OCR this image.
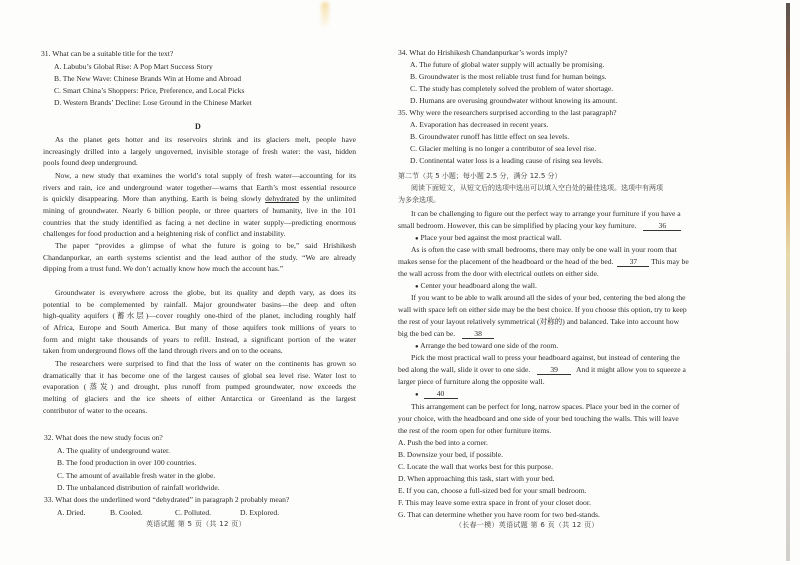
31. What can be a suitable title for the text?
A. Labubu’s Global Rise: A Pop Mart Success Story
B. The New Wave: Chinese Brands Win at Home and Abroad
C. Smart China’s Shoppers: Price, Preference, and Local Picks
D. Western Brands’ Decline: Lose Ground in the Chinese Market
D
As the planet gets hotter and its reservoirs shrink and its glaciers melt, people have
increasingly drilled into a largely ungoverned, invisible storage of fresh water: the vast, hidden
pools found deep underground.
Now, a new study that examines the world’s total supply of fresh water—accounting for its
rivers and rain, ice and underground water together—warns that Earth’s most essential resource
is quickly disappearing. More than anything, Earth is being slowly dehydrated by the unlimited
mining of groundwater. Nearly 6 billion people, or three quarters of humanity, live in the 101
countries that the study identified as facing a net decline in water supply—predicting enormous
challenges for food production and a heightening risk of conflict and instability.
The paper “provides a glimpse of what the future is going to be,” said Hrishikesh
Chandanpurkar, an earth systems scientist and the lead author of the study. “We are already
dipping from a trust fund. We don’t actually know how much the account has.”
Groundwater is everywhere across the globe, but its quality and depth vary, as does its
potential to be complemented by rainfall. Major groundwater basins—the deep and often
high-quality aquifers (蓄水层)—cover roughly one-third of the planet, including roughly half
of Africa, Europe and South America. But many of those aquifers took millions of years to
form and might take thousands of years to refill. Instead, a significant portion of the water
taken from underground flows off the land through rivers and on to the oceans.
The researchers were surprised to find that the loss of water on the continents has grown so
dramatically that it has become one of the largest causes of global sea level rise. Water lost to
evaporation (蒸发) and drought, plus runoff from pumped groundwater, now exceeds the
melting of glaciers and the ice sheets of either Antarctica or Greenland as the largest
contributor of water to the oceans.
32. What does the new study focus on?
A. The quality of underground water.
B. The food production in over 100 countries.
C. The amount of available fresh water in the globe.
D. The unbalanced distribution of rainfall worldwide.
33. What does the underlined word “dehydrated” in paragraph 2 probably mean?
A. Dried.	B. Cooled.	C. Polluted.	D. Explored.
英语试题 第 5 页（共 12 页）
34. What do Hrishikesh Chandanpurkar’s words imply?
A. The future of global water supply will actually be promising.
B. Groundwater is the most reliable trust fund for human beings.
C. The study has completely solved the problem of water shortage.
D. Humans are overusing groundwater without knowing its amount.
35. Why were the researchers surprised according to the last paragraph?
A. Evaporation has decreased in recent years.
B. Groundwater runoff has little effect on sea levels.
C. Glacier melting is no longer a contributor of sea level rise.
D. Continental water loss is a leading cause of rising sea levels.
第二节（共 5 小题；每小题 2.5 分，满分 12.5 分）
阅读下面短文，从短文后的选项中选出可以填入空白处的最佳选项。选项中有两项
为多余选项。
It can be challenging to figure out the perfect way to arrange your furniture if you have a
small bedroom. However, this can be simplified by placing your key furniture.	36
● Place your bed against the most practical wall.
As is often the case with small bedrooms, there may only be one wall in your room that
makes sense for the placement of the headboard or the head of the bed. 37 This may be
the wall across from the door with electrical outlets on either side.
● Center your headboard along the wall.
If you want to be able to walk around all the sides of your bed, centering the bed along the
wall with space left on either side may be the best choice. If you choose this option, try to keep
the rest of your layout relatively symmetrical (对称的) and balanced. Take into account how
big the bed can be.	38
● Arrange the bed toward one side of the room.
Pick the most practical wall to press your headboard against, but instead of centering the
bed along the wall, slide it over to one side.	39 And it might allow you to squeeze a
larger piece of furniture along the opposite wall.
● 40
This arrangement can be perfect for long, narrow spaces. Place your bed in the corner of
your choice, with the headboard and one side of your bed touching the walls. This will leave
the rest of the room open for other furniture items.
A. Push the bed into a corner.
B. Downsize your bed, if possible.
C. Locate the wall that works best for this purpose.
D. When approaching this task, start with your bed.
E. If you can, choose a full-sized bed for your small bedroom.
F. This may leave some extra space in front of your closet door.
G. That can determine whether you have room for two bed-stands.
（长春一模）英语试题 第 6 页（共 12 页）
